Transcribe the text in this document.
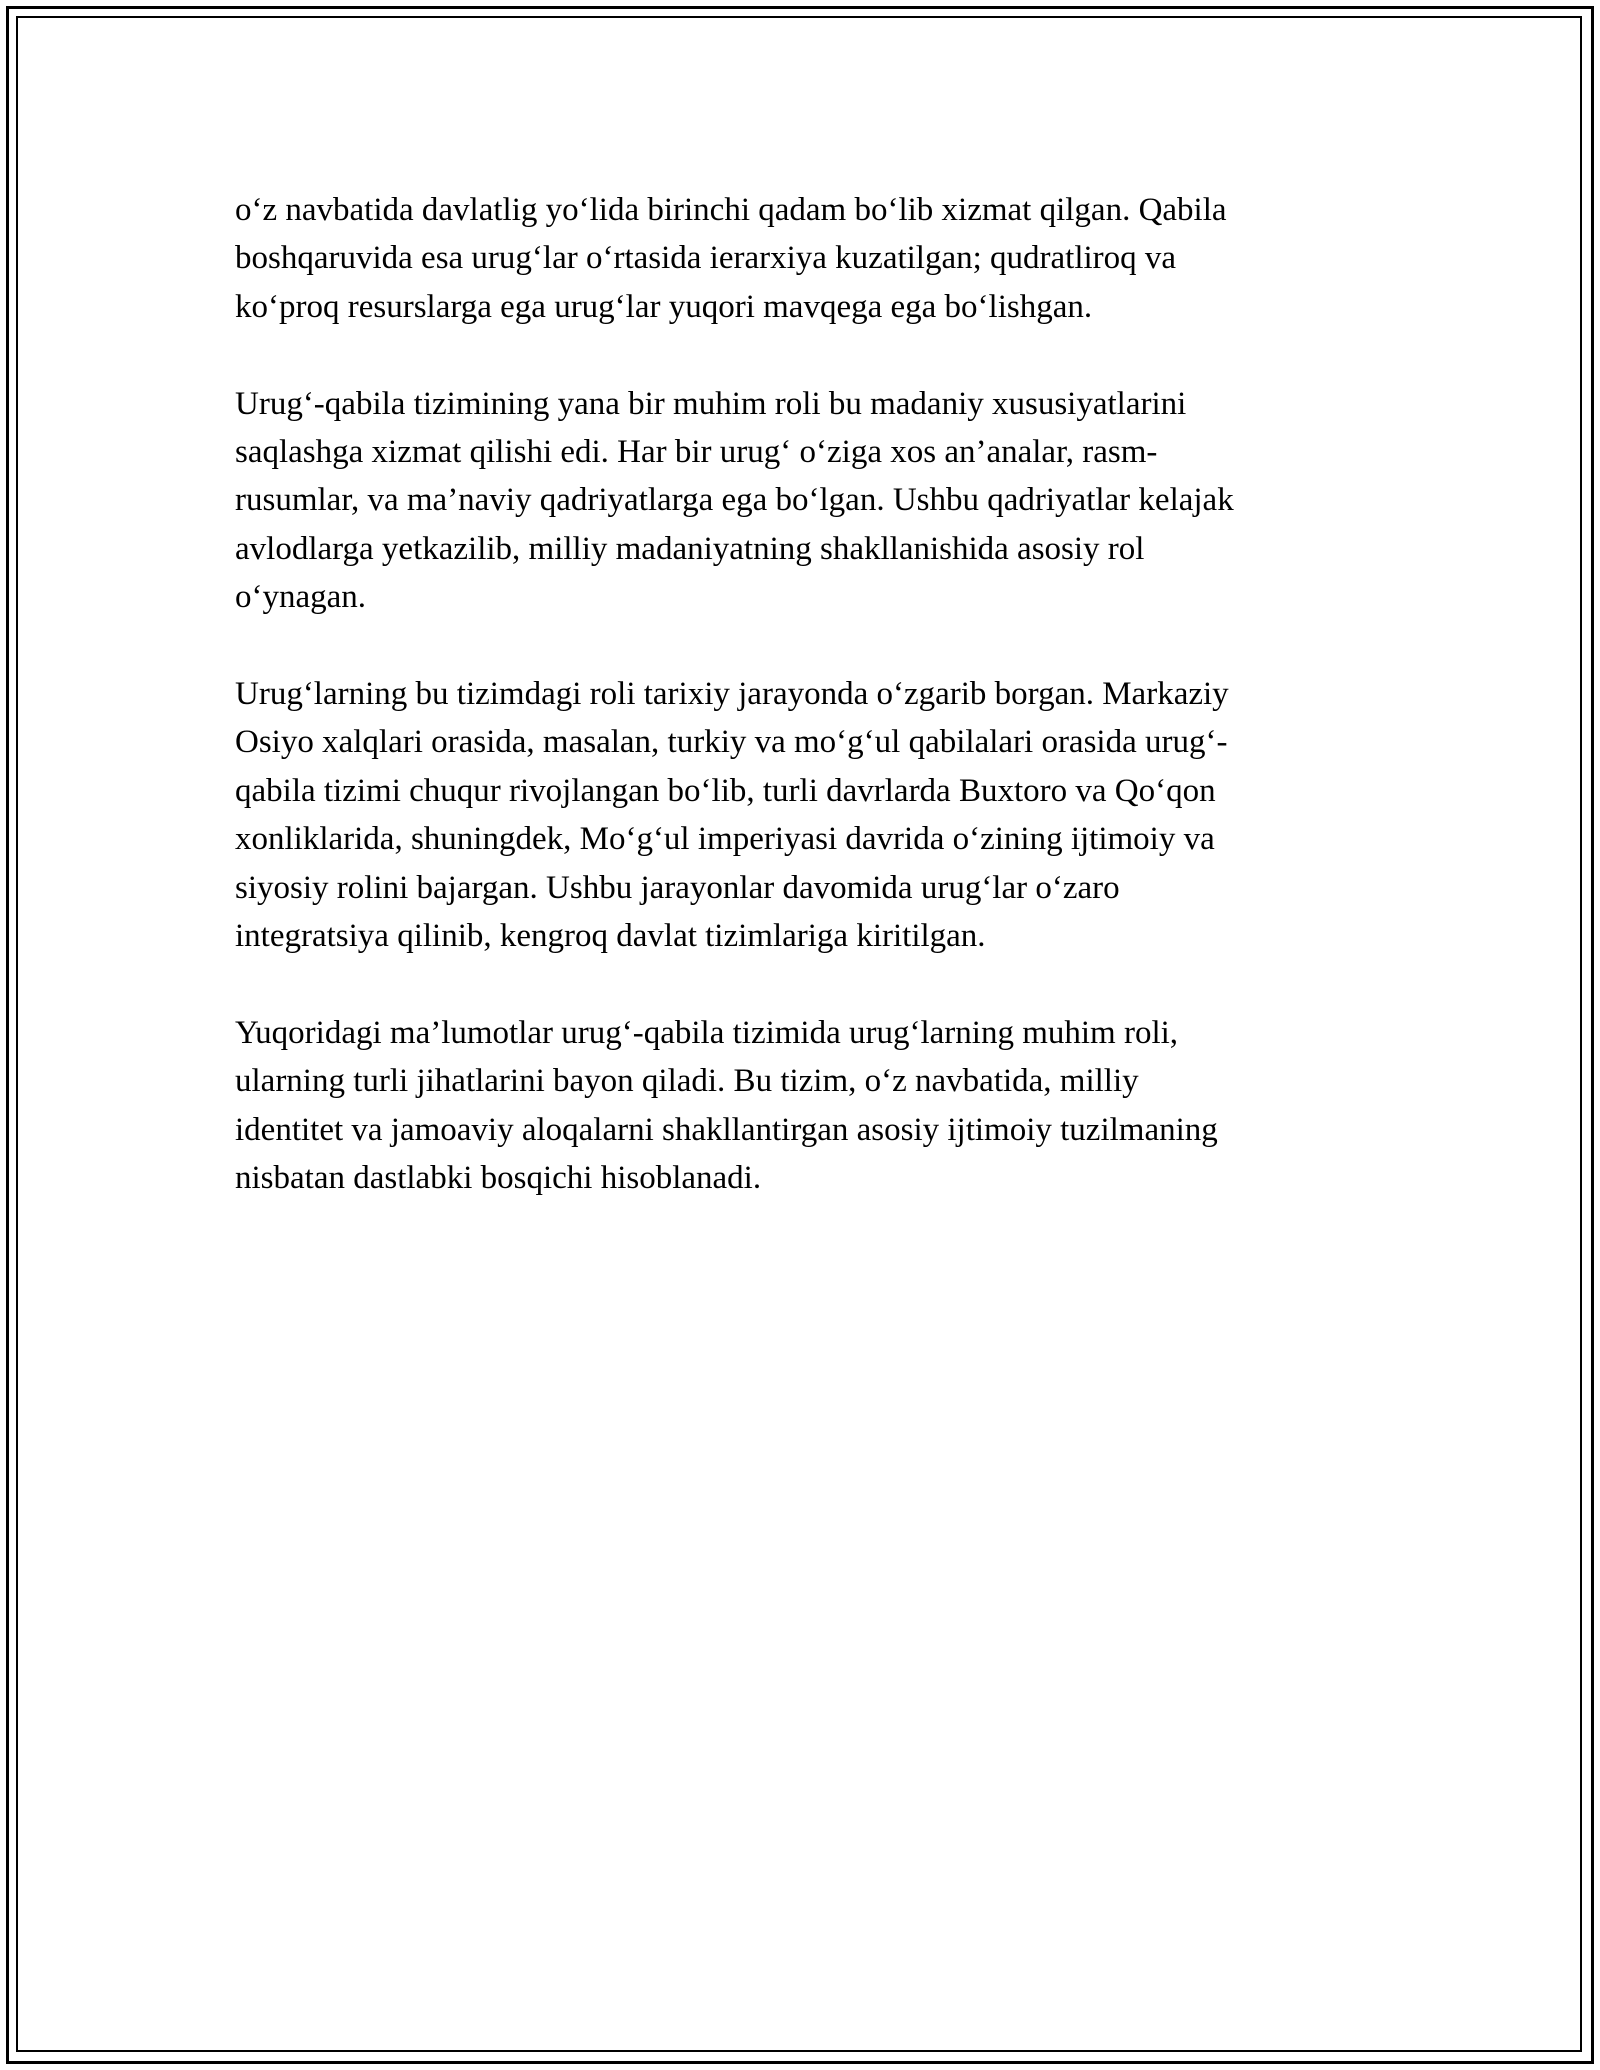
o‘z navbatida davlatlig yo‘lida birinchi qadam bo‘lib xizmat qilgan. Qabila
boshqaruvida esa urug‘lar o‘rtasida ierarxiya kuzatilgan; qudratliroq va
ko‘proq resurslarga ega urug‘lar yuqori mavqega ega bo‘lishgan.

Urug‘-qabila tizimining yana bir muhim roli bu madaniy xususiyatlarini
saqlashga xizmat qilishi edi. Har bir urug‘ o‘ziga xos an’analar, rasm-
rusumlar, va ma’naviy qadriyatlarga ega bo‘lgan. Ushbu qadriyatlar kelajak
avlodlarga yetkazilib, milliy madaniyatning shakllanishida asosiy rol
o‘ynagan.

Urug‘larning bu tizimdagi roli tarixiy jarayonda o‘zgarib borgan. Markaziy
Osiyo xalqlari orasida, masalan, turkiy va mo‘g‘ul qabilalari orasida urug‘-
qabila tizimi chuqur rivojlangan bo‘lib, turli davrlarda Buxtoro va Qo‘qon
xonliklarida, shuningdek, Mo‘g‘ul imperiyasi davrida o‘zining ijtimoiy va
siyosiy rolini bajargan. Ushbu jarayonlar davomida urug‘lar o‘zaro
integratsiya qilinib, kengroq davlat tizimlariga kiritilgan.

Yuqoridagi ma’lumotlar urug‘-qabila tizimida urug‘larning muhim roli,
ularning turli jihatlarini bayon qiladi. Bu tizim, o‘z navbatida, milliy
identitet va jamoaviy aloqalarni shakllantirgan asosiy ijtimoiy tuzilmaning
nisbatan dastlabki bosqichi hisoblanadi.
